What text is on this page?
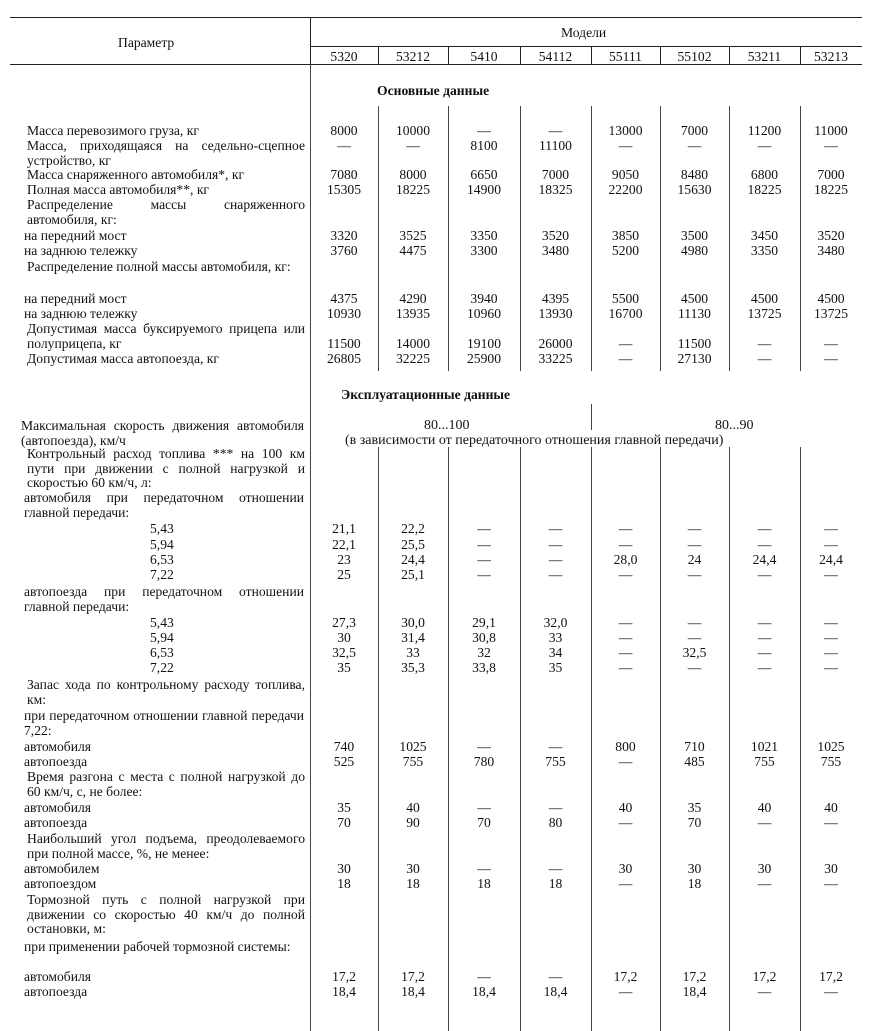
Параметр
Модели
5320	53212	5410	54112	55111	55102	53211	53213
Основные данные
Эксплуатационные данные
Максимальная скорость движения автомобиля (автопоезда), км/ч
80...100	80...90
(в зависимости от передаточного отношения главной передачи)
Масса перевозимого груза, кг	8000	10000	—	—	13000	7000	11200	11000
Масса, приходящаяся на седельно-сцепное устройство, кг
—	—	8100	11100	—	—	—	—
Масса снаряженного автомобиля*, кг	7080	8000	6650	7000	9050	8480	6800	7000
Полная масса автомобиля**, кг	15305	18225	14900	18325	22200	15630	18225	18225
Распределение массы снаряженного автомобиля, кг:
на передний мост	3320	3525	3350	3520	3850	3500	3450	3520
на заднюю тележку	3760	4475	3300	3480	5200	4980	3350	3480
Распределение полной массы автомобиля, кг:
на передний мост	4375	4290	3940	4395	5500	4500	4500	4500
на заднюю тележку	10930	13935	10960	13930	16700	11130	13725	13725
Допустимая масса буксируемого прицепа или полуприцепа, кг	11500	14000	19100	26000	—	11500	—	—
Допустимая масса автопоезда, кг	26805	32225	25900	33225	—	27130	—	—
Контрольный расход топлива *** на 100 км пути при движении с полной нагрузкой и скоростью 60 км/ч, л:
автомобиля при передаточном отношении главной передачи:
5,43	21,1	22,2	—	—	—	—	—	—
5,94	22,1	25,5	—	—	—	—	—	—
6,53	23	24,4	—	—	28,0	24	24,4	24,4
7,22	25	25,1	—	—	—	—	—	—
автопоезда при передаточном отношении главной передачи:
5,43	27,3	30,0	29,1	32,0	—	—	—	—
5,94	30	31,4	30,8	33	—	—	—	—
6,53	32,5	33	32	34	—	32,5	—	—
7,22	35	35,3	33,8	35	—	—	—	—
Запас хода по контрольному расходу топлива, км:
при передаточном отношении главной передачи 7,22:
автомобиля	740	1025	—	—	800	710	1021	1025
автопоезда	525	755	780	755	—	485	755	755
Время разгона с места с полной нагрузкой до 60 км/ч, с, не более:
автомобиля	35	40	—	—	40	35	40	40
автопоезда	70	90	70	80	—	70	—	—
Наибольший угол подъема, преодолеваемого при полной массе, %, не менее:
автомобилем	30	30	—	—	30	30	30	30
автопоездом	18	18	18	18	—	18	—	—
Тормозной путь с полной нагрузкой при движении со скоростью 40 км/ч до полной остановки, м:
при применении рабочей тормозной системы:
автомобиля	17,2	17,2	—	—	17,2	17,2	17,2	17,2
автопоезда	18,4	18,4	18,4	18,4	—	18,4	—	—
